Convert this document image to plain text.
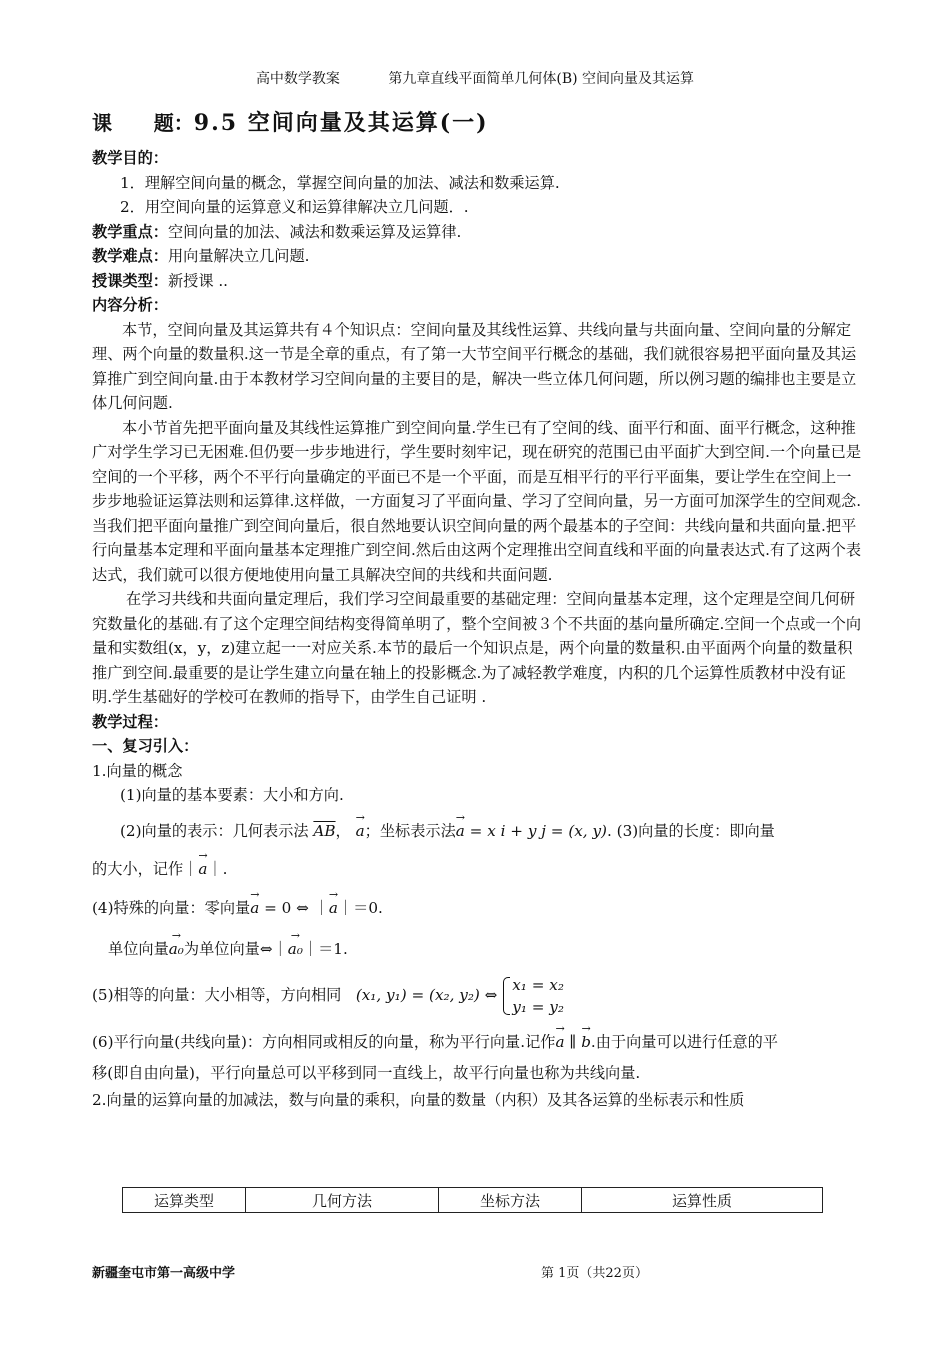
高中数学教案	第九章直线平面简单几何体(B) 空间向量及其运算
课      题：9.5 空间向量及其运算(一)

教学目的：

1．理解空间向量的概念，掌握空间向量的加法、减法和数乘运算.

2．用空间向量的运算意义和运算律解决立几问题．.

教学重点：空间向量的加法、减法和数乘运算及运算律.

教学难点：用向量解决立几问题.

授课类型：新授课 ..

内容分析：

本节，空间向量及其运算共有４个知识点：空间向量及其线性运算、共线向量与共面向量、空间向量的分解定理、两个向量的数量积.这一节是全章的重点，有了第一大节空间平行概念的基础，我们就很容易把平面向量及其运算推广到空间向量.由于本教材学习空间向量的主要目的是，解决一些立体几何问题，所以例习题的编排也主要是立体几何问题.

本小节首先把平面向量及其线性运算推广到空间向量.学生已有了空间的线、面平行和面、面平行概念，这种推广对学生学习已无困难.但仍要一步步地进行，学生要时刻牢记，现在研究的范围已由平面扩大到空间.一个向量已是空间的一个平移，两个不平行向量确定的平面已不是一个平面，而是互相平行的平行平面集，要让学生在空间上一步步地验证运算法则和运算律.这样做，一方面复习了平面向量、学习了空间向量，另一方面可加深学生的空间观念.

当我们把平面向量推广到空间向量后，很自然地要认识空间向量的两个最基本的子空间：共线向量和共面向量.把平行向量基本定理和平面向量基本定理推广到空间.然后由这两个定理推出空间直线和平面的向量表达式.有了这两个表达式，我们就可以很方便地使用向量工具解决空间的共线和共面问题.

在学习共线和共面向量定理后，我们学习空间最重要的基础定理：空间向量基本定理，这个定理是空间几何研究数量化的基础.有了这个定理空间结构变得简单明了，整个空间被３个不共面的基向量所确定.空间一个点或一个向量和实数组(x，y，z)建立起一一对应关系.本节的最后一个知识点是，两个向量的数量积.由平面两个向量的数量积推广到空间.最重要的是让学生建立向量在轴上的投影概念.为了减轻教学难度，内积的几个运算性质教材中没有证明.学生基础好的学校可在教师的指导下，由学生自己证明 .

教学过程：

一、复习引入：

1.向量的概念

(1)向量的基本要素：大小和方向.

(2)向量的表示：几何表示法 $\overline{AB}$， → a；坐标表示法→ a = x i + y j = (x, y). (3)向量的长度：即向量

的大小，记作｜→ a｜.

(4)特殊的向量：零向量→ a = 0 ⇔ ｜→ a｜＝0.

单位向量→ a₀为单位向量⇔｜→ a₀｜＝1.

(5)相等的向量：大小相等，方向相同 (x₁, y₁) = (x₂, y₂) ⇔
x₁ = x₂
y₁ = y₂

(6)平行向量(共线向量)：方向相同或相反的向量，称为平行向量.记作→ a ∥ → b.由于向量可以进行任意的平

移(即自由向量)，平行向量总可以平移到同一直线上，故平行向量也称为共线向量.

2.向量的运算向量的加减法，数与向量的乘积，向量的数量（内积）及其各运算的坐标表示和性质

运算类型	几何方法	坐标方法	运算性质
新疆奎屯市第一高级中学	第 1页（共22页）
